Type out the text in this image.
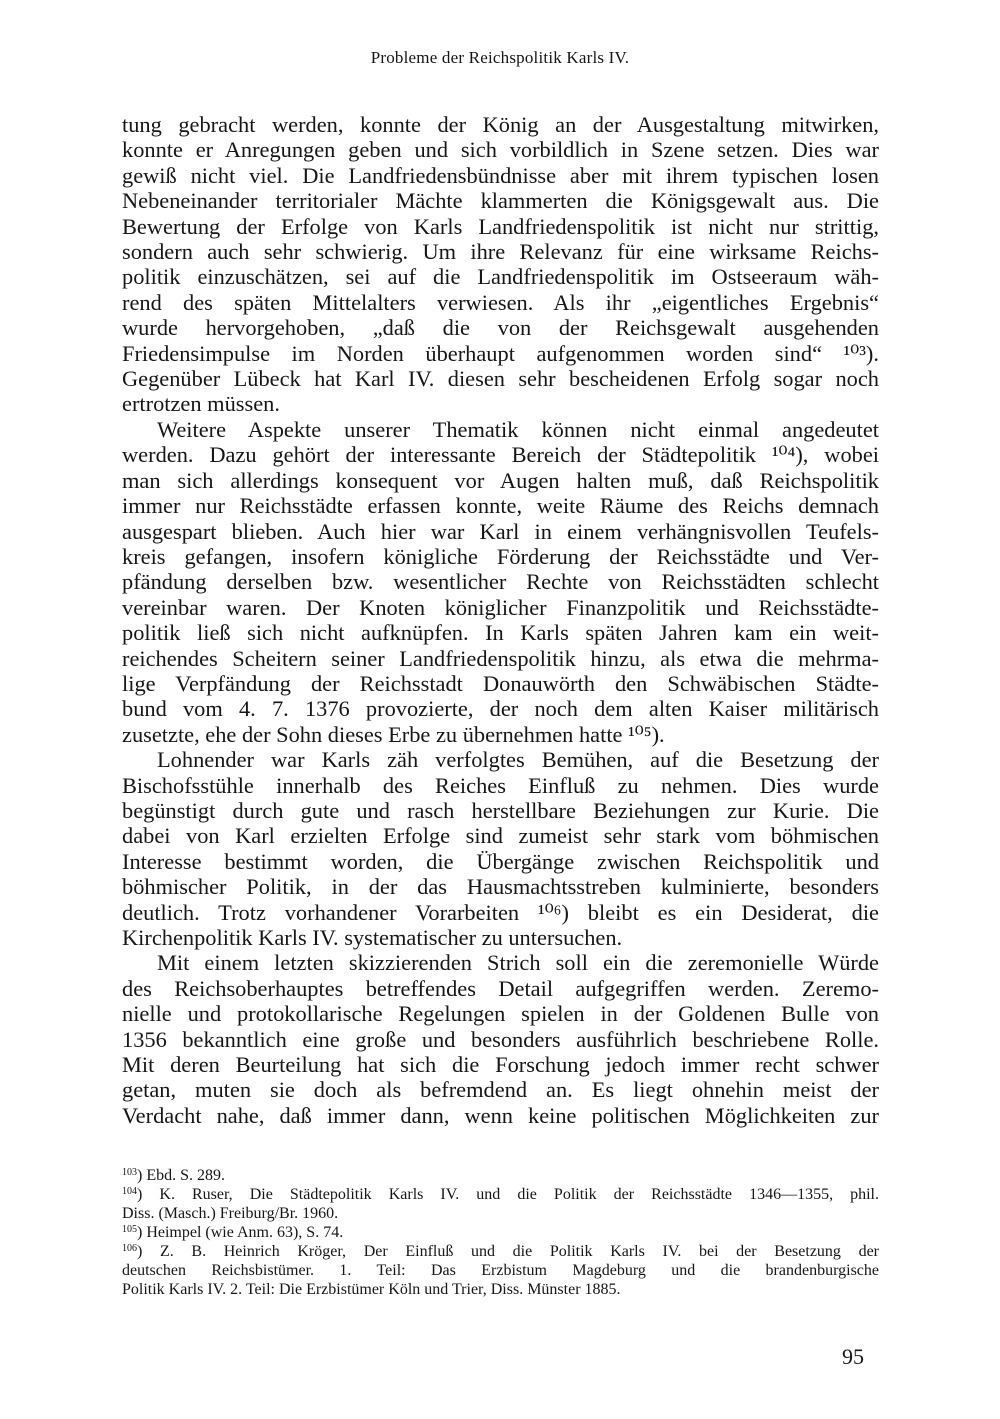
Probleme der Reichspolitik Karls IV.

tung gebracht werden, konnte der König an der Ausgestaltung mitwirken,
konnte er Anregungen geben und sich vorbildlich in Szene setzen. Dies war
gewiß nicht viel. Die Landfriedensbündnisse aber mit ihrem typischen losen
Nebeneinander territorialer Mächte klammerten die Königsgewalt aus. Die
Bewertung der Erfolge von Karls Landfriedenspolitik ist nicht nur strittig,
sondern auch sehr schwierig. Um ihre Relevanz für eine wirksame Reichs-
politik einzuschätzen, sei auf die Landfriedenspolitik im Ostseeraum wäh-
rend des späten Mittelalters verwiesen. Als ihr „eigentliches Ergebnis“
wurde hervorgehoben, „daß die von der Reichsgewalt ausgehenden
Friedensimpulse im Norden überhaupt aufgenommen worden sind“ ¹⁰³).
Gegenüber Lübeck hat Karl IV. diesen sehr bescheidenen Erfolg sogar noch
ertrotzen müssen.

Weitere Aspekte unserer Thematik können nicht einmal angedeutet
werden. Dazu gehört der interessante Bereich der Städtepolitik ¹⁰⁴), wobei
man sich allerdings konsequent vor Augen halten muß, daß Reichspolitik
immer nur Reichsstädte erfassen konnte, weite Räume des Reichs demnach
ausgespart blieben. Auch hier war Karl in einem verhängnisvollen Teufels-
kreis gefangen, insofern königliche Förderung der Reichsstädte und Ver-
pfändung derselben bzw. wesentlicher Rechte von Reichsstädten schlecht
vereinbar waren. Der Knoten königlicher Finanzpolitik und Reichsstädte-
politik ließ sich nicht aufknüpfen. In Karls späten Jahren kam ein weit-
reichendes Scheitern seiner Landfriedenspolitik hinzu, als etwa die mehrma-
lige Verpfändung der Reichsstadt Donauwörth den Schwäbischen Städte-
bund vom 4. 7. 1376 provozierte, der noch dem alten Kaiser militärisch
zusetzte, ehe der Sohn dieses Erbe zu übernehmen hatte ¹⁰⁵).

Lohnender war Karls zäh verfolgtes Bemühen, auf die Besetzung der
Bischofsstühle innerhalb des Reiches Einfluß zu nehmen. Dies wurde
begünstigt durch gute und rasch herstellbare Beziehungen zur Kurie. Die
dabei von Karl erzielten Erfolge sind zumeist sehr stark vom böhmischen
Interesse bestimmt worden, die Übergänge zwischen Reichspolitik und
böhmischer Politik, in der das Hausmachtsstreben kulminierte, besonders
deutlich. Trotz vorhandener Vorarbeiten ¹⁰⁶) bleibt es ein Desiderat, die
Kirchenpolitik Karls IV. systematischer zu untersuchen.

Mit einem letzten skizzierenden Strich soll ein die zeremonielle Würde
des Reichsoberhauptes betreffendes Detail aufgegriffen werden. Zeremo-
nielle und protokollarische Regelungen spielen in der Goldenen Bulle von
1356 bekanntlich eine große und besonders ausführlich beschriebene Rolle.
Mit deren Beurteilung hat sich die Forschung jedoch immer recht schwer
getan, muten sie doch als befremdend an. Es liegt ohnehin meist der
Verdacht nahe, daß immer dann, wenn keine politischen Möglichkeiten zur

$^{103}$) Ebd. S. 289.
$^{104}$) K. Ruser, Die Städtepolitik Karls IV. und die Politik der Reichsstädte 1346—1355, phil.
Diss. (Masch.) Freiburg/Br. 1960.
$^{105}$) Heimpel (wie Anm. 63), S. 74.
$^{106}$) Z. B. Heinrich Kröger, Der Einfluß und die Politik Karls IV. bei der Besetzung der
deutschen Reichsbistümer. 1. Teil: Das Erzbistum Magdeburg und die brandenburgische
Politik Karls IV. 2. Teil: Die Erzbistümer Köln und Trier, Diss. Münster 1885.
95
